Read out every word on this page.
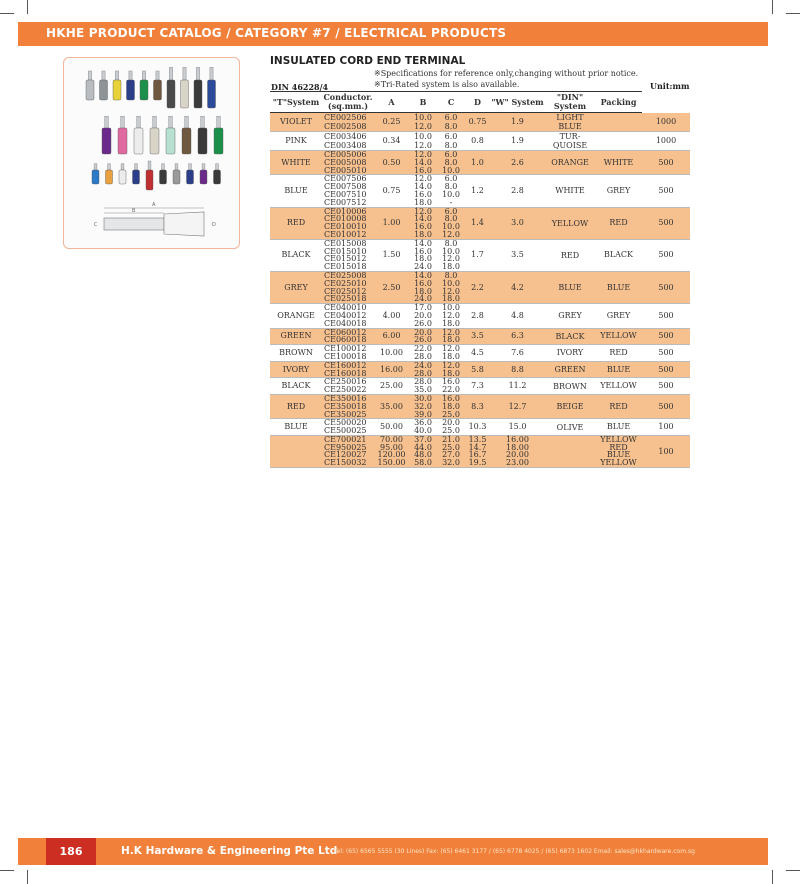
HKHE PRODUCT CATALOG / CATEGORY #7 / ELECTRICAL PRODUCTS
A
B
C	D
INSULATED CORD END TERMINAL
※Specifications for reference only,changing without prior notice.
※Tri-Rated system is also available.
DIN 46228/4	Unit:mm
"T"System	Conductor. (sq.mm.)	A	B	C	D	"W" System	"DIN" System	Packing	
VIOLET	CE002506	0.25	10.0	6.0	0.75	1.9	LIGHT BLUE		1000
	CE002508		12.0	8.0					
PINK	CE003406	0.34	10.0	6.0	0.8	1.9	TUR-QUOISE		1000
	CE003408		12.0	8.0					
WHITE	CE005006	0.50	12.0	6.0	1.0	2.6	ORANGE	WHITE	500
	CE005008		14.0	8.0					
	CE005010		16.0	10.0					
BLUE	CE007506	0.75	12.0	6.0	1.2	2.8	WHITE	GREY	500
	CE007508		14.0	8.0					
	CE007510		16.0	10.0					
	CE007512		18.0	-					
RED	CE010006	1.00	12.0	6.0	1.4	3.0	YELLOW	RED	500
	CE010008		14.0	8.0					
	CE010010		16.0	10.0					
	CE010012		18.0	12.0					
BLACK	CE015008	1.50	14.0	8.0	1.7	3.5	RED	BLACK	500
	CE015010		16.0	10.0					
	CE015012		18.0	12.0					
	CE015018		24.0	18.0					
GREY	CE025008	2.50	14.0	8.0	2.2	4.2	BLUE	BLUE	500
	CE025010		16.0	10.0					
	CE025012		18.0	12.0					
	CE025018		24.0	18.0					
ORANGE	CE040010	4.00	17.0	10.0	2.8	4.8	GREY	GREY	500
	CE040012		20.0	12.0					
	CE040018		26.0	18.0					
GREEN	CE060012	6.00	20.0	12.0	3.5	6.3	BLACK	YELLOW	500
	CE060018		26.0	18.0					
BROWN	CE100012	10.00	22.0	12.0	4.5	7.6	IVORY	RED	500
	CE100018		28.0	18.0					
IVORY	CE160012	16.00	24.0	12.0	5.8	8.8	GREEN	BLUE	500
	CE160018		28.0	18.0					
BLACK	CE250016	25.00	28.0	16.0	7.3	11.2	BROWN	YELLOW	500
	CE250022		35.0	22.0					
RED	CE350016	35.00	30.0	16.0	8.3	12.7	BEIGE	RED	500
	CE350018		32.0	18.0					
	CE350025		39.0	25.0					
BLUE	CE500020	50.00	36.0	20.0	10.3	15.0	OLIVE	BLUE	100
	CE500025		40.0	25.0					
	CE700021	70.00	37.0	21.0	13.5	16.00		YELLOW	100
	CE950025	95.00	44.0	25.0	14.7	18.00		RED	
	CE120027	120.00	48.0	27.0	16.7	20.00		BLUE	
	CE150032	150.00	58.0	32.0	19.5	23.00		YELLOW	
186	H.K Hardware & Engineering Pte Ltd
Tel: (65) 6565 5555 (30 Lines) Fax: (65) 6461 3177 / (65) 6778 4025 / (65) 6873 1602 Email: sales@hkhardware.com.sg
